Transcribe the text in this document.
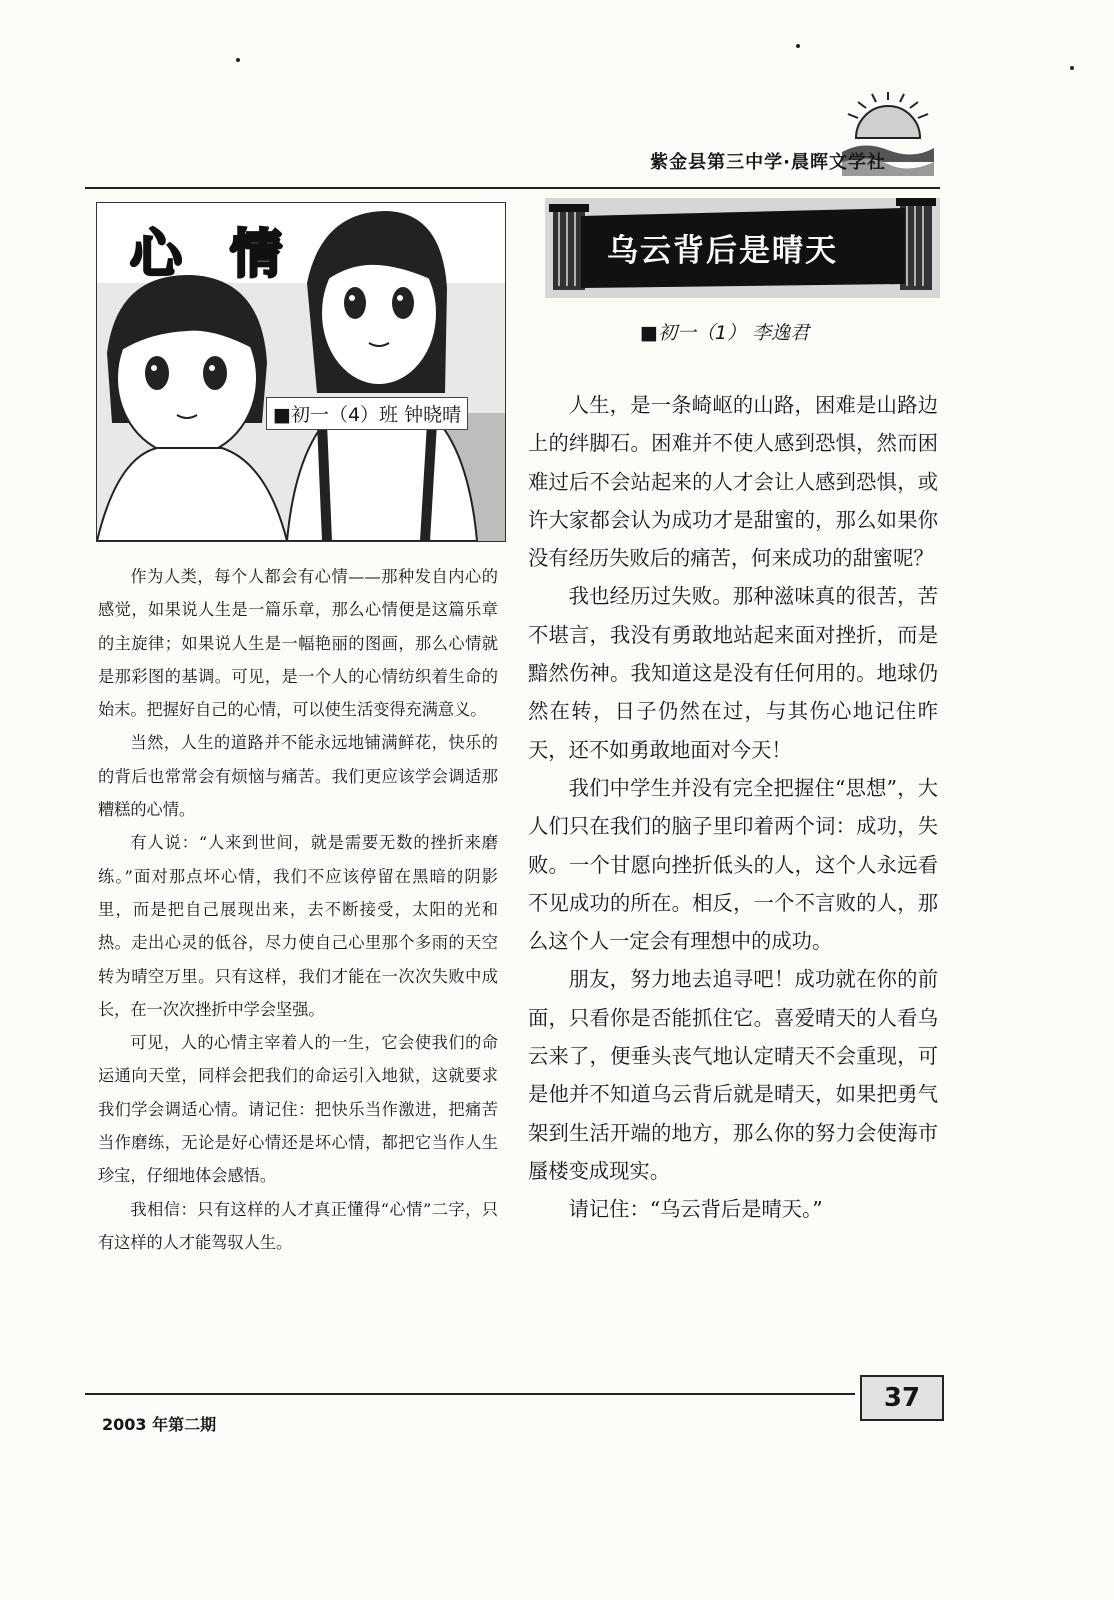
紫金县第三中学·晨晖文学社
心情
■初一（4）班 钟晓晴

作为人类，每个人都会有心情——那种发自内心的感觉，如果说人生是一篇乐章，那么心情便是这篇乐章的主旋律；如果说人生是一幅艳丽的图画，那么心情就是那彩图的基调。可见，是一个人的心情纺织着生命的始末。把握好自己的心情，可以使生活变得充满意义。

当然，人生的道路并不能永远地铺满鲜花，快乐的的背后也常常会有烦恼与痛苦。我们更应该学会调适那糟糕的心情。

有人说：“人来到世间，就是需要无数的挫折来磨练。”面对那点坏心情，我们不应该停留在黑暗的阴影里，而是把自己展现出来，去不断接受，太阳的光和热。走出心灵的低谷，尽力使自己心里那个多雨的天空转为晴空万里。只有这样，我们才能在一次次失败中成长，在一次次挫折中学会坚强。

可见，人的心情主宰着人的一生，它会使我们的命运通向天堂，同样会把我们的命运引入地狱，这就要求我们学会调适心情。请记住：把快乐当作激进，把痛苦当作磨练，无论是好心情还是坏心情，都把它当作人生珍宝，仔细地体会感悟。

我相信：只有这样的人才真正懂得“心情”二字，只有这样的人才能驾驭人生。

乌云背后是晴天
■初一（1） 李逸君

人生，是一条崎岖的山路，困难是山路边上的绊脚石。困难并不使人感到恐惧，然而困难过后不会站起来的人才会让人感到恐惧，或许大家都会认为成功才是甜蜜的，那么如果你没有经历失败后的痛苦，何来成功的甜蜜呢？

我也经历过失败。那种滋味真的很苦，苦不堪言，我没有勇敢地站起来面对挫折，而是黯然伤神。我知道这是没有任何用的。地球仍然在转，日子仍然在过，与其伤心地记住昨天，还不如勇敢地面对今天！

我们中学生并没有完全把握住“思想”，大人们只在我们的脑子里印着两个词：成功，失败。一个甘愿向挫折低头的人，这个人永远看不见成功的所在。相反，一个不言败的人，那么这个人一定会有理想中的成功。

朋友，努力地去追寻吧！成功就在你的前面，只看你是否能抓住它。喜爱晴天的人看乌云来了，便垂头丧气地认定晴天不会重现，可是他并不知道乌云背后就是晴天，如果把勇气架到生活开端的地方，那么你的努力会使海市蜃楼变成现实。

请记住：“乌云背后是晴天。”

37
2003 年第二期
